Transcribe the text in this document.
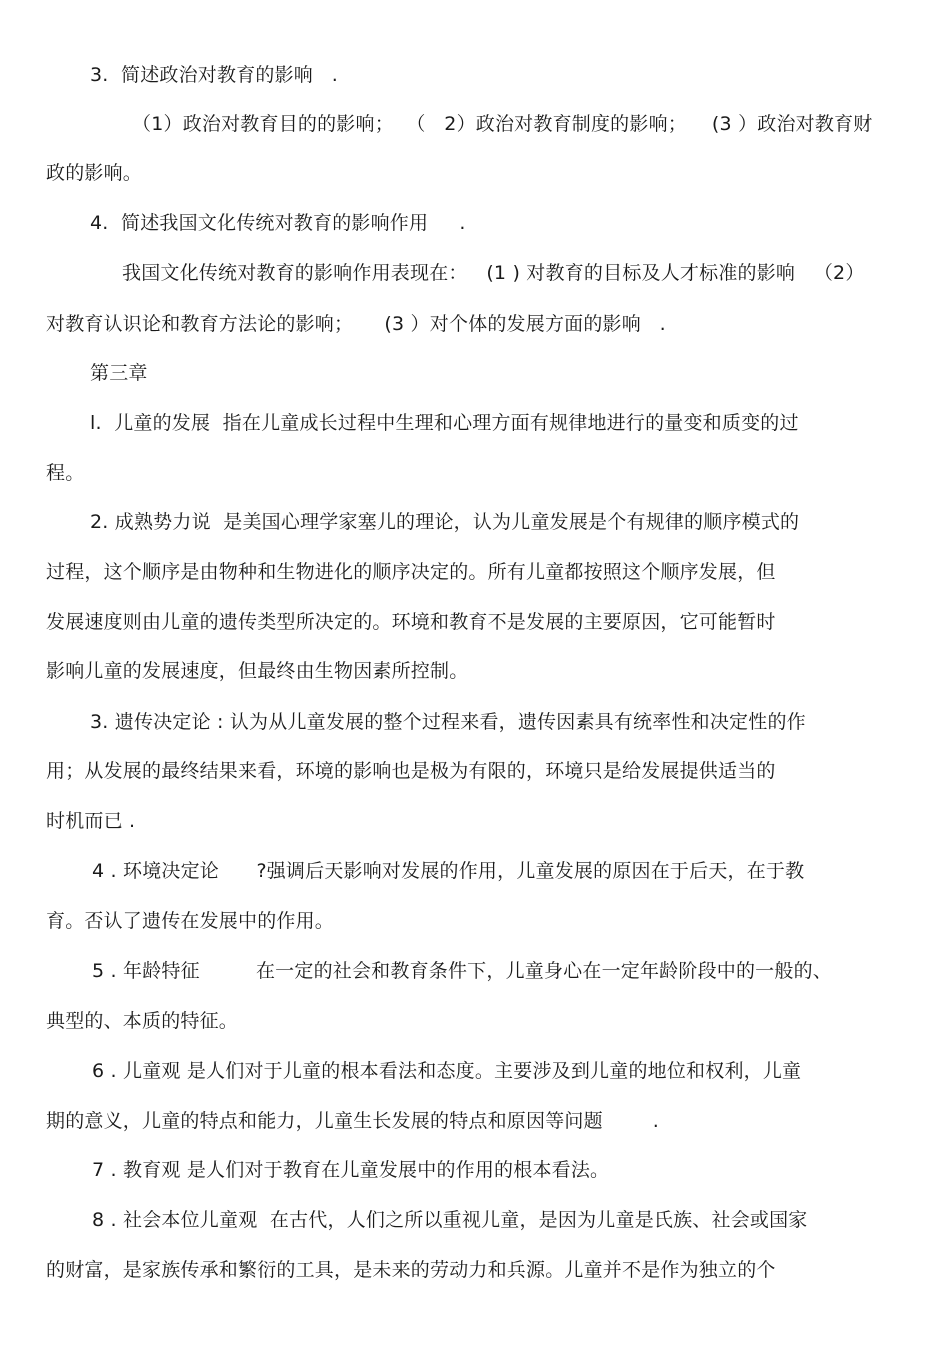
3.  简述政治对教育的影响   .
（1）政治对教育目的的影响；  （   2）政治对教育制度的影响；    (3 ）政治对教育财
政的影响。
4.  简述我国文化传统对教育的影响作用     .
我国文化传统对教育的影响作用表现在：   (1 ) 对教育的目标及人才标准的影响   （2）
对教育认识论和教育方法论的影响；     (3 ）对个体的发展方面的影响   .
第三章
l.  儿童的发展  指在儿童成长过程中生理和心理方面有规律地进行的量变和质变的过
程。
2. 成熟势力说  是美国心理学家塞儿的理论，认为儿童发展是个有规律的顺序模式的
过程，这个顺序是由物种和生物进化的顺序决定的。所有儿童都按照这个顺序发展，但
发展速度则由儿童的遗传类型所决定的。环境和教育不是发展的主要原因，它可能暂时
影响儿童的发展速度，但最终由生物因素所控制。
3. 遗传决定论 : 认为从儿童发展的整个过程来看，遗传因素具有统率性和决定性的作
用；从发展的最终结果来看，环境的影响也是极为有限的，环境只是给发展提供适当的
时机而已 .
4 . 环境决定论      ?强调后天影响对发展的作用，儿童发展的原因在于后天，在于教
育。否认了遗传在发展中的作用。
5 . 年龄特征         在一定的社会和教育条件下，儿童身心在一定年龄阶段中的一般的、
典型的、本质的特征。
6 . 儿童观 是人们对于儿童的根本看法和态度。主要涉及到儿童的地位和权利，儿童
期的意义，儿童的特点和能力，儿童生长发展的特点和原因等问题        .
7 . 教育观 是人们对于教育在儿童发展中的作用的根本看法。
8 . 社会本位儿童观  在古代，人们之所以重视儿童，是因为儿童是氏族、社会或国家
的财富，是家族传承和繁衍的工具，是未来的劳动力和兵源。儿童并不是作为独立的个
